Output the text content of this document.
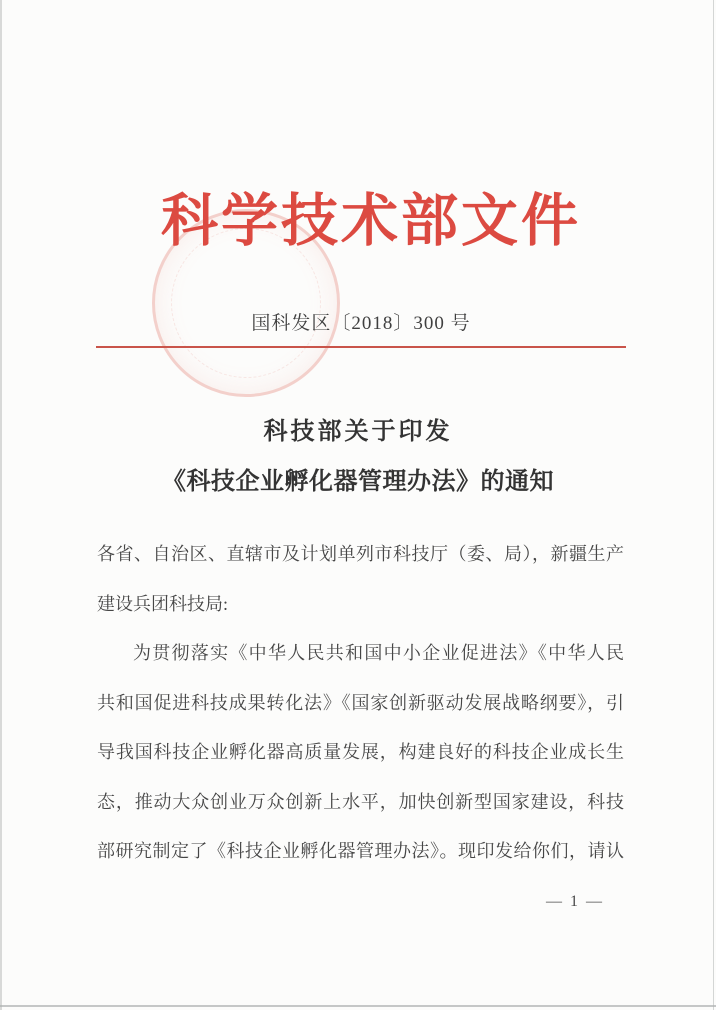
科学技术部文件
国科发区〔2018〕300 号
科技部关于印发
《科技企业孵化器管理办法》的通知
各省、自治区、直辖市及计划单列市科技厅（委、局），新疆生产
建设兵团科技局:
为贯彻落实《中华人民共和国中小企业促进法》《中华人民
共和国促进科技成果转化法》《国家创新驱动发展战略纲要》，引
导我国科技企业孵化器高质量发展，构建良好的科技企业成长生
态，推动大众创业万众创新上水平，加快创新型国家建设，科技
部研究制定了《科技企业孵化器管理办法》。现印发给你们，请认
— 1 —
